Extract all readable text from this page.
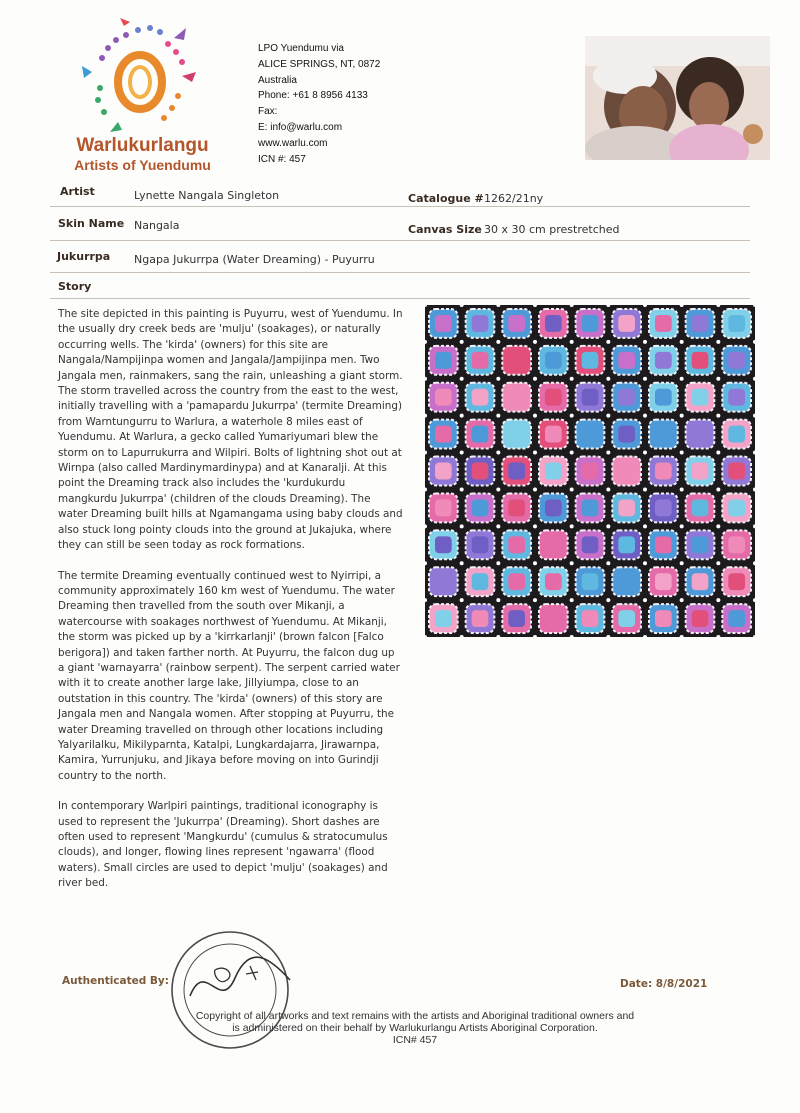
Warlukurlangu
Artists of Yuendumu
LPO Yuendumu via
ALICE SPRINGS, NT, 0872
Australia
Phone: +61 8 8956 4133
Fax:
E: info@warlu.com
www.warlu.com
ICN #: 457
Artist	Lynette Nangala Singleton	Catalogue # 1262/21ny
Skin Name Nangala	Canvas Size 30 x 30 cm prestretched
Jukurrpa Ngapa Jukurrpa (Water Dreaming) - Puyurru
Story

The site depicted in this painting is Puyurru, west of Yuendumu. In the usually dry creek beds are 'mulju' (soakages), or naturally occurring wells. The 'kirda' (owners) for this site are Nangala/Nampijinpa women and Jangala/Jampijinpa men. Two Jangala men, rainmakers, sang the rain, unleashing a giant storm. The storm travelled across the country from the east to the west, initially travelling with a 'pamapardu Jukurrpa' (termite Dreaming) from Warntungurru to Warlura, a waterhole 8 miles east of Yuendumu. At Warlura, a gecko called Yumariyumari blew the storm on to Lapurrukurra and Wilpiri. Bolts of lightning shot out at Wirnpa (also called Mardinymardinypa) and at Kanaralji. At this point the Dreaming track also includes the 'kurdukurdu mangkurdu Jukurrpa' (children of the clouds Dreaming). The water Dreaming built hills at Ngamangama using baby clouds and also stuck long pointy clouds into the ground at Jukajuka, where they can still be seen today as rock formations.

The termite Dreaming eventually continued west to Nyirripi, a community approximately 160 km west of Yuendumu. The water Dreaming then travelled from the south over Mikanji, a watercourse with soakages northwest of Yuendumu. At Mikanji, the storm was picked up by a 'kirrkarlanji' (brown falcon [Falco berigora]) and taken farther north. At Puyurru, the falcon dug up a giant 'warnayarra' (rainbow serpent). The serpent carried water with it to create another large lake, Jillyiumpa, close to an outstation in this country. The 'kirda' (owners) of this story are Jangala men and Nangala women. After stopping at Puyurru, the water Dreaming travelled on through other locations including Yalyarilalku, Mikilyparnta, Katalpi, Lungkardajarra, Jirawarnpa, Kamira, Yurrunjuku, and Jikaya before moving on into Gurindji country to the north.

In contemporary Warlpiri paintings, traditional iconography is used to represent the 'Jukurrpa' (Dreaming). Short dashes are often used to represent 'Mangkurdu' (cumulus & stratocumulus clouds), and longer, flowing lines represent 'ngawarra' (flood waters). Small circles are used to depict 'mulju' (soakages) and river bed.

Authenticated By:	Date: 8/8/2021
Copyright of all artworks and text remains with the artists and Aboriginal traditional owners and
is administered on their behalf by Warlukurlangu Artists Aboriginal Corporation.
ICN# 457
